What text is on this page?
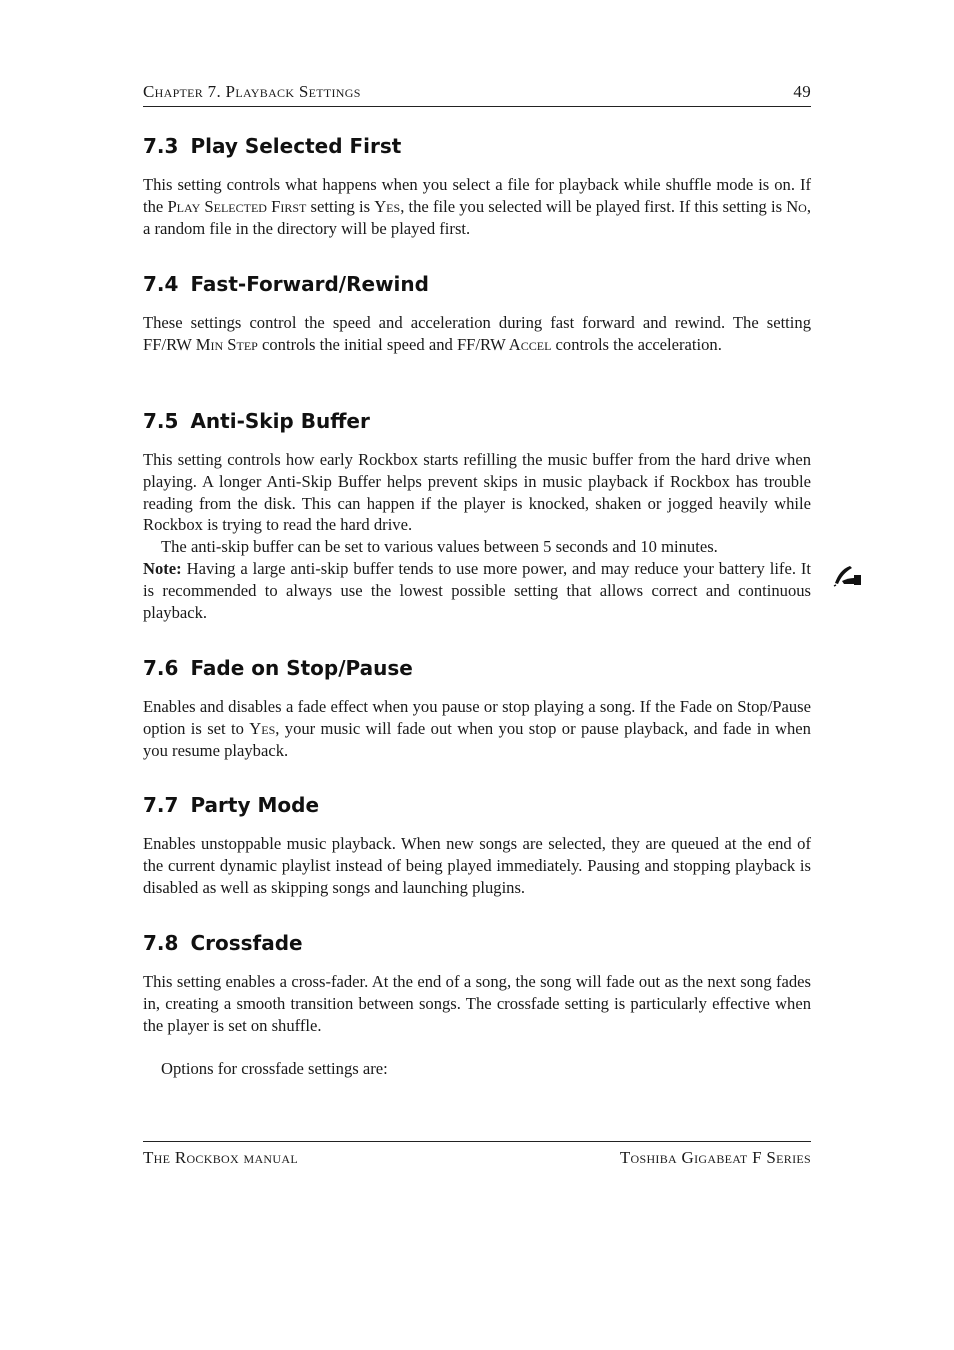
Chapter 7. Playback Settings	49
7.3 Play Selected First

This setting controls what happens when you select a file for playback while shuffle mode is on. If the Play Selected First setting is Yes, the file you selected will be played first. If this setting is No, a random file in the directory will be played first.

7.4 Fast-Forward/Rewind

These settings control the speed and acceleration during fast forward and rewind. The setting FF/RW Min Step controls the initial speed and FF/RW Accel controls the acceleration.

7.5 Anti-Skip Buffer

This setting controls how early Rockbox starts refilling the music buffer from the hard drive when playing. A longer Anti-Skip Buffer helps prevent skips in music playback if Rockbox has trouble reading from the disk. This can happen if the player is knocked, shaken or jogged heavily while Rockbox is trying to read the hard drive.

The anti-skip buffer can be set to various values between 5 seconds and 10 minutes.

Note: Having a large anti-skip buffer tends to use more power, and may reduce your battery life. It is recommended to always use the lowest possible setting that allows correct and continuous playback.

7.6 Fade on Stop/Pause

Enables and disables a fade effect when you pause or stop playing a song. If the Fade on Stop/Pause option is set to Yes, your music will fade out when you stop or pause playback, and fade in when you resume playback.

7.7 Party Mode

Enables unstoppable music playback. When new songs are selected, they are queued at the end of the current dynamic playlist instead of being played immediately. Pausing and stopping playback is disabled as well as skipping songs and launching plugins.

7.8 Crossfade

This setting enables a cross-fader. At the end of a song, the song will fade out as the next song fades in, creating a smooth transition between songs. The crossfade setting is particularly effective when the player is set on shuffle.

Options for crossfade settings are:

The Rockbox manual	Toshiba Gigabeat F Series
